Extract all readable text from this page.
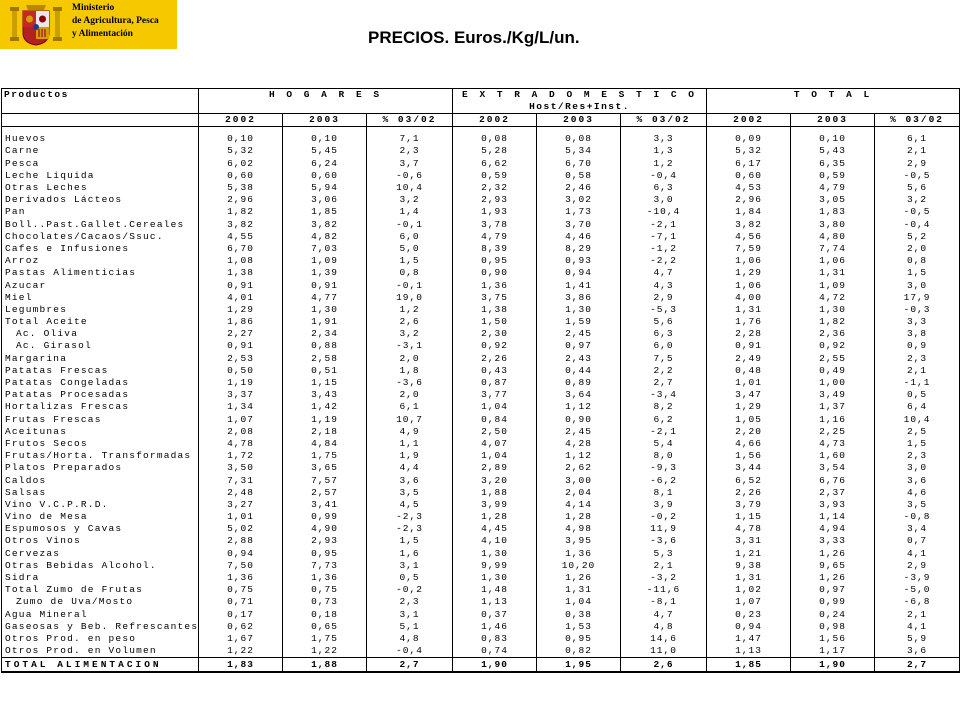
Ministerio
de Agricultura, Pesca
y Alimentación	PRECIOS. Euros./Kg/L/un.
Productos	H O G A R E S			E X T R A D O M E S T I C O			T O T A L		
				Host/Res+Inst.					
	2002	2003	% 03/02	2002	2003	% 03/02	2002	2003	% 03/02

Huevos	0,10	0,10	7,1	0,08	0,08	3,3	0,09	0,10	6,1
Carne	5,32	5,45	2,3	5,28	5,34	1,3	5,32	5,43	2,1
Pesca	6,02	6,24	3,7	6,62	6,70	1,2	6,17	6,35	2,9
Leche Liquida	0,60	0,60	-0,6	0,59	0,58	-0,4	0,60	0,59	-0,5
Otras Leches	5,38	5,94	10,4	2,32	2,46	6,3	4,53	4,79	5,6
Derivados Lácteos	2,96	3,06	3,2	2,93	3,02	3,0	2,96	3,05	3,2
Pan	1,82	1,85	1,4	1,93	1,73	-10,4	1,84	1,83	-0,5
Boll..Past.Gallet.Cereales	3,82	3,82	-0,1	3,78	3,70	-2,1	3,82	3,80	-0,4
Chocolates/Cacaos/Ssuc.	4,55	4,82	6,0	4,79	4,46	-7,1	4,56	4,80	5,2
Cafes e Infusiones	6,70	7,03	5,0	8,39	8,29	-1,2	7,59	7,74	2,0
Arroz	1,08	1,09	1,5	0,95	0,93	-2,2	1,06	1,06	0,8
Pastas Alimenticias	1,38	1,39	0,8	0,90	0,94	4,7	1,29	1,31	1,5
Azucar	0,91	0,91	-0,1	1,36	1,41	4,3	1,06	1,09	3,0
Miel	4,01	4,77	19,0	3,75	3,86	2,9	4,00	4,72	17,9
Legumbres	1,29	1,30	1,2	1,38	1,30	-5,3	1,31	1,30	-0,3
Total Aceite	1,86	1,91	2,6	1,50	1,59	5,6	1,76	1,82	3,3
Ac. Oliva	2,27	2,34	3,2	2,30	2,45	6,3	2,28	2,36	3,8
Ac. Girasol	0,91	0,88	-3,1	0,92	0,97	6,0	0,91	0,92	0,9
Margarina	2,53	2,58	2,0	2,26	2,43	7,5	2,49	2,55	2,3
Patatas Frescas	0,50	0,51	1,8	0,43	0,44	2,2	0,48	0,49	2,1
Patatas Congeladas	1,19	1,15	-3,6	0,87	0,89	2,7	1,01	1,00	-1,1
Patatas Procesadas	3,37	3,43	2,0	3,77	3,64	-3,4	3,47	3,49	0,5
Hortalizas Frescas	1,34	1,42	6,1	1,04	1,12	8,2	1,29	1,37	6,4
Frutas Frescas	1,07	1,19	10,7	0,84	0,90	6,2	1,05	1,16	10,4
Aceitunas	2,08	2,18	4,9	2,50	2,45	-2,1	2,20	2,25	2,5
Frutos Secos	4,78	4,84	1,1	4,07	4,28	5,4	4,66	4,73	1,5
Frutas/Horta. Transformadas	1,72	1,75	1,9	1,04	1,12	8,0	1,56	1,60	2,3
Platos Preparados	3,50	3,65	4,4	2,89	2,62	-9,3	3,44	3,54	3,0
Caldos	7,31	7,57	3,6	3,20	3,00	-6,2	6,52	6,76	3,6
Salsas	2,48	2,57	3,5	1,88	2,04	8,1	2,26	2,37	4,6
Vino V.C.P.R.D.	3,27	3,41	4,5	3,99	4,14	3,9	3,79	3,93	3,5
Vino de Mesa	1,01	0,99	-2,3	1,28	1,28	-0,2	1,15	1,14	-0,8
Espumosos y Cavas	5,02	4,90	-2,3	4,45	4,98	11,9	4,78	4,94	3,4
Otros Vinos	2,88	2,93	1,5	4,10	3,95	-3,6	3,31	3,33	0,7
Cervezas	0,94	0,95	1,6	1,30	1,36	5,3	1,21	1,26	4,1
Otras Bebidas Alcohol.	7,50	7,73	3,1	9,99	10,20	2,1	9,38	9,65	2,9
Sidra	1,36	1,36	0,5	1,30	1,26	-3,2	1,31	1,26	-3,9
Total Zumo de Frutas	0,75	0,75	-0,2	1,48	1,31	-11,6	1,02	0,97	-5,0
Zumo de Uva/Mosto	0,71	0,73	2,3	1,13	1,04	-8,1	1,07	0,99	-6,8
Agua Mineral	0,17	0,18	3,1	0,37	0,38	4,7	0,23	0,24	2,1
Gaseosas y Beb. Refrescantes	0,62	0,65	5,1	1,46	1,53	4,8	0,94	0,98	4,1
Otros Prod. en peso	1,67	1,75	4,8	0,83	0,95	14,6	1,47	1,56	5,9
Otros Prod. en Volumen	1,22	1,22	-0,4	0,74	0,82	11,0	1,13	1,17	3,6
TOTAL ALIMENTACION	1,83	1,88	2,7	1,90	1,95	2,6	1,85	1,90	2,7
